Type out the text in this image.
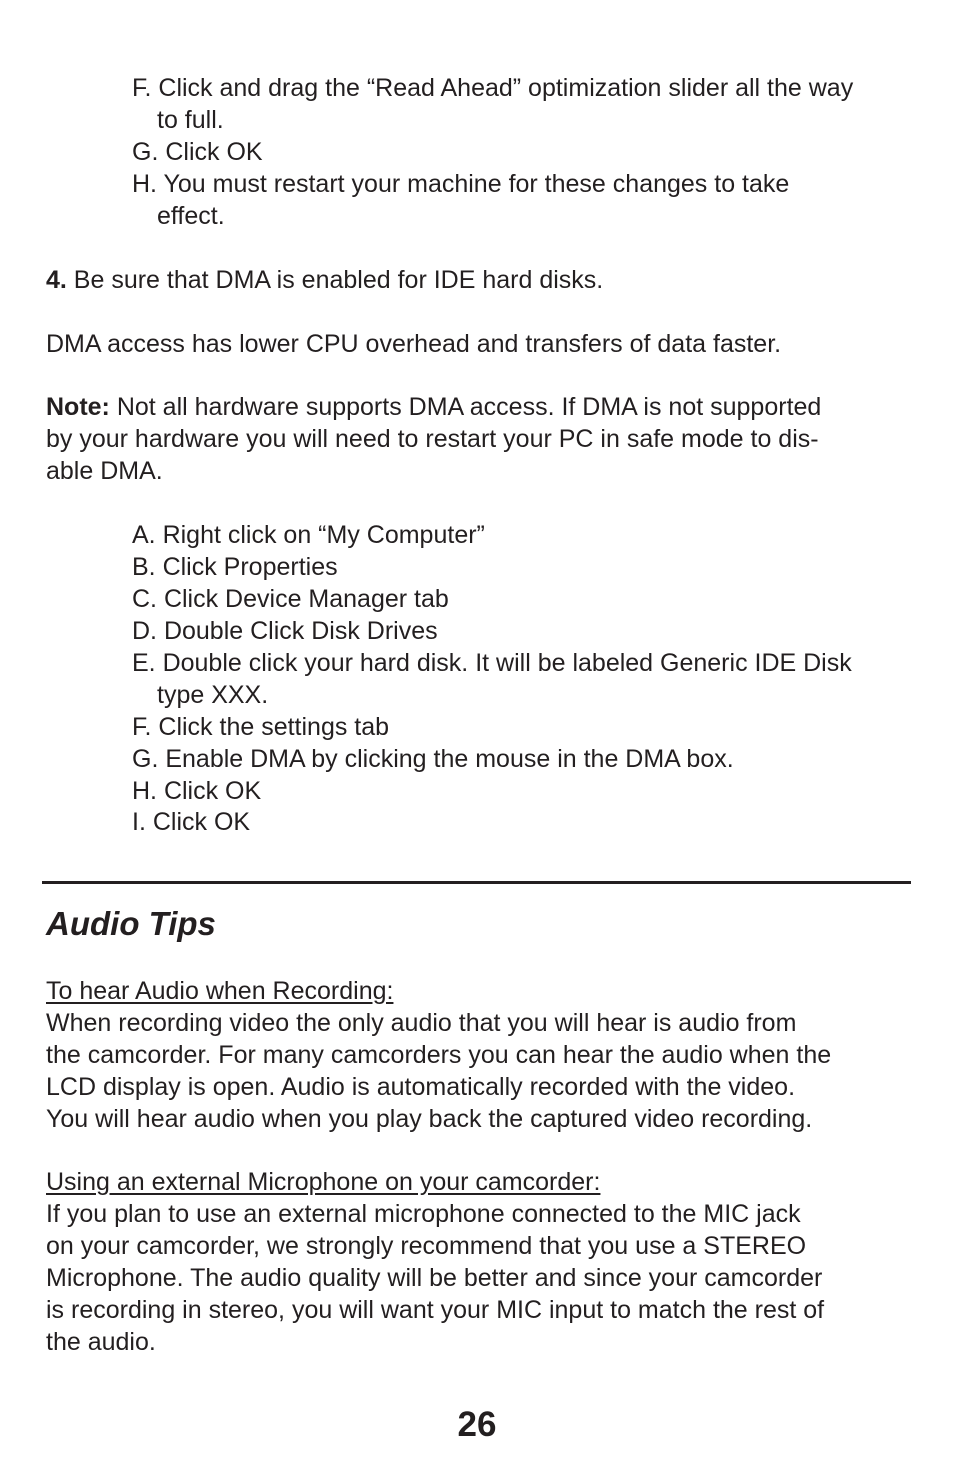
F. Click and drag the “Read Ahead” optimization slider all the way
to full.
G. Click OK
H. You must restart your machine for these changes to take
effect.
4. Be sure that DMA is enabled for IDE hard disks.
DMA access has lower CPU overhead and transfers of data faster.
Note: Not all hardware supports DMA access. If DMA is not supported
by your hardware you will need to restart your PC in safe mode to dis-
able DMA.
A. Right click on “My Computer”
B. Click Properties
C. Click Device Manager tab
D. Double Click Disk Drives
E. Double click your hard disk. It will be labeled Generic IDE Disk
type XXX.
F. Click the settings tab
G. Enable DMA by clicking the mouse in the DMA box.
H. Click OK
I. Click OK
Audio Tips
To hear Audio when Recording:
When recording video the only audio that you will hear is audio from
the camcorder. For many camcorders you can hear the audio when the
LCD display is open. Audio is automatically recorded with the video.
You will hear audio when you play back the captured video recording.
Using an external Microphone on your camcorder:
If you plan to use an external microphone connected to the MIC jack
on your camcorder, we strongly recommend that you use a STEREO
Microphone. The audio quality will be better and since your camcorder
is recording in stereo, you will want your MIC input to match the rest of
the audio.
26
